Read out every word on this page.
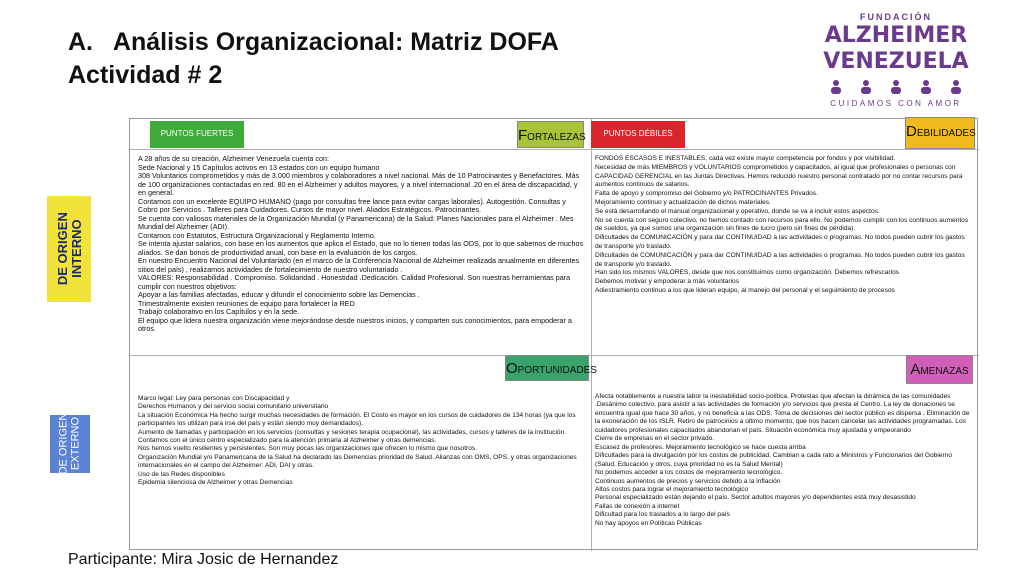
A.   Análisis Organizacional: Matriz DOFA
Actividad # 2
FUNDACIÓN
ALZHEIMER
VENEZUELA
CUIDAMOS CON AMOR
PUNTOS FUERTES	PUNTOS DÉBILES
FORTALEZAS	DEBILIDADES
OPORTUNIDADES	AMENAZAS
DE ORIGEN
INTERNO
DE ORIGEN EXTERNO

A 28 años de su creación, Alzheimer Venezuela cuenta con:

Sede Nacional y 15 Capítulos activos en 13 estados con un equipo humano

308 Voluntarios comprometidos y más de 3.000 miembros y colaboradores a nivel nacional. Más de 10 Patrocinantes y Benefactores. Más de 100 organizaciones contactadas en red. 80 en el Alzheimer y adultos mayores, y a nivel internacional .20 en el área de discapacidad, y en general.

Contamos con un excelente EQUIPO HUMANO (pago por consultas free lance para evitar cargas laborales). Autogestión. Consultas y Cobro por Servicios . Talleres para Cuidadores. Cursos de mayor nivel. Aliados Estratégicos. Patrocinantes.

Se cuenta con valiosos materiales de la Organización Mundial (y Panamericana) de la Salud: Planes Nacionales para el Alzheimer . Mes Mundial del Alzheimer (ADI).

Contamos con Estatutos, Estructura Organizacional y Reglamento Interno.

Se intenta ajustar salarios, con base en los aumentos que aplica el Estado, que no lo tienen todas las ODS, por lo que sabemos de muchos aliados. Se dan bonos de productividad anual, con base en la evaluación de los cargos.

En nuestro Encuentro Nacional del Voluntariado (en el marco de la Conferencia Nacional de Alzheimer realizada anualmente en diferentes sitios del país) , realizamos actividades de fortalecimiento de nuestro voluntariado .

VALORES: Responsabilidad . Compromiso. Solidaridad . Honestidad .Dedicación. Calidad Profesional. Son nuestras herramientas para cumplir con nuestros objetivos:

Apoyar a las familias afectadas, educar y difundir el conocimiento sobre las Demencias .

Trimestralmente existen reuniones de equipo para fortalecer la RED

Trabajo colaborativo en los Capítulos y en la sede.

El equipo que lidera nuestra organización viene mejorándose desde nuestros inicios, y comparten sus conocimientos, para empoderar a otros.

FONDOS ESCASOS E INESTABLES, cada vez existe mayor competencia por fondos y por visibilidad.

Necesidad de más MIEMBROS y VOLUNTARIOS comprometidos y capacitados, al igual que profesionales o personas con CAPACIDAD GERENCIAL en las Juntas Directivas. Hemos reducido nuestro personal contratado por no contar recursos para aumentos continuos de salarios.

Falta de apoyo y compromiso del Gobierno y/o PATROCINANTES Privados.

Mejoramiento continuo y actualización de dichos materiales.

Se está desarrollando el manual organizacional y operativo, donde se va a incluir estos aspectos.

No se cuenta con seguro colectivo, no hemos contado con recursos para ello. No podemos cumplir con los continuos aumentos de sueldos, ya que somos una organización sin fines de lucro (pero sin fines de pérdida).

Dificultades de COMUNICACIÓN y para dar CONTINUIDAD a las actividades o programas. No todos pueden cubrir los gastos de transporte y/o traslado.

Dificultades de COMUNICACIÓN y para dar CONTINUIDAD a las actividades o programas. No todos pueden cubrir los gastos de transporte y/o traslado.

Han sido los mismos VALORES, desde que nos constituimos como organización. Debemos refrescarlos

Debemos motivar y empoderar a más voluntarios

Adiestramiento continuo a los que lideran equipo, al manejo del personal y el seguimiento de procesos

Marco legal: Ley para personas con Discapacidad y

Derechos Humanos y del servicio social comunitario universitario

La situación Económica Ha hecho surgir muchas necesidades de formación. El Costo es mayor en los cursos de cuidadores de 134 horas (ya que los participantes los utilizan para irse del país y están siendo muy demandados).

Aumento de llamadas y participación en los servicios (consultas y sesiones terapia ocupacional), las actividades, cursos y talleres de la institución. Contamos con el único centro especializado para la atención primaria al Alzheimer y otras demencias.

Nos hemos vuelto resilientes y persistentes. Son muy pocas las organizaciones que ofrecen lo mismo que nosotros.

Organización Mundial y/o Panamericana de la Salud ha declarado las Demencias prioridad de Salud. Alianzas con OMS, OPS, y otras organizaciones internacionales en el campo del Alzheimer: ADI, DAI y otras.

Uso de las Redes disponibles

Epidemia silenciosa de Alzheimer y otras Demencias

Afecta notablemente a nuestra labor la inestabilidad socio-política. Protestas que afectan la dinámica de las comunidades .Desánimo colectivo, para asistir a las actividades de formación y/o servicios que presta el Centro. La ley de donaciones se encuentra igual que hace 30 años, y no beneficia a las ODS. Toma de decisiones del sector público es dispersa . Eliminación de la exoneración de los ISLR. Retiro de patrocinios a último momento, que nos hacen cancelar las actividades programadas. Los cuidadores profesionales capacitados abandonan el país. Situación económica muy ajustada y empeorando

Cierre de empresas en el sector privado.

Escasez de profesores. Mejoramiento tecnológico se hace cuesta arriba

Dificultades para la divulgación por los costos de publicidad. Cambian a cada rato a Ministros y Funcionarios del Gobierno (Salud, Educación y otros, cuya prioridad no es la Salud Mental)

No podemos acceder a los costos de mejoramiento tecnológico.

Continuos aumentos de precios y servicios debido a la inflación

Altos costos para lograr el mejoramiento tecnológico

Personal especializado están dejando el país. Sector adultos mayores y/o dependientes está muy desasistido

Fallas de conexión a internet

Dificultad para los traslados a lo largo del país

No hay apoyos en Políticas Públicas

Participante: Mira Josic de Hernandez
